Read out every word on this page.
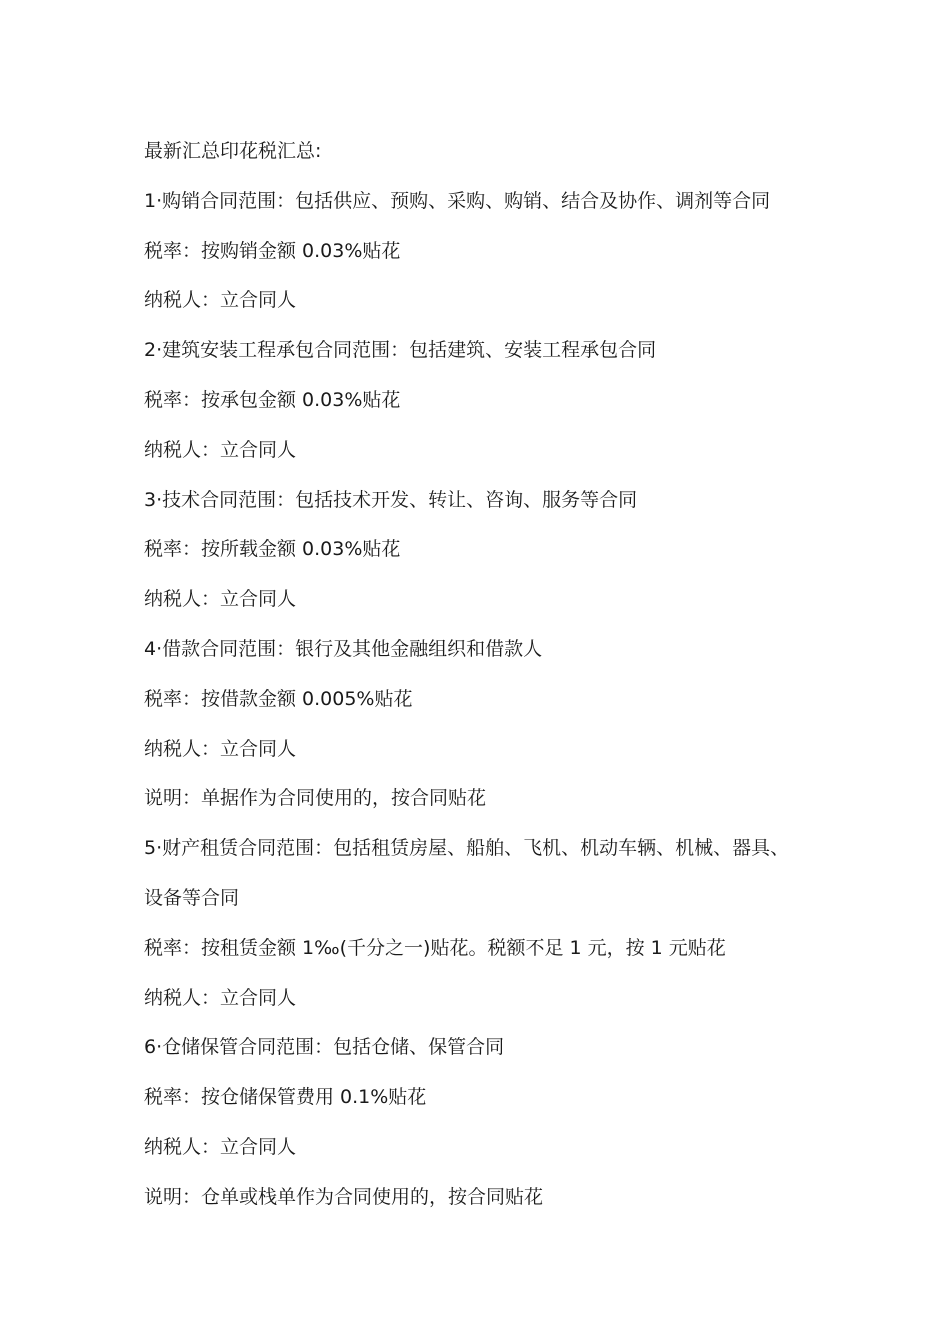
最新汇总印花税汇总:

1·购销合同范围：包括供应、预购、采购、购销、结合及协作、调剂等合同

税率：按购销金额 0.03%贴花

纳税人：立合同人

2·建筑安装工程承包合同范围：包括建筑、安装工程承包合同

税率：按承包金额 0.03%贴花

纳税人：立合同人

3·技术合同范围：包括技术开发、转让、咨询、服务等合同

税率：按所载金额 0.03%贴花

纳税人：立合同人

4·借款合同范围：银行及其他金融组织和借款人

税率：按借款金额 0.005%贴花

纳税人：立合同人

说明：单据作为合同使用的，按合同贴花

5·财产租赁合同范围：包括租赁房屋、船舶、飞机、机动车辆、机械、器具、

设备等合同

税率：按租赁金额 1‰(千分之一)贴花。税额不足 1 元，按 1 元贴花

纳税人：立合同人

6·仓储保管合同范围：包括仓储、保管合同

税率：按仓储保管费用 0.1%贴花

纳税人：立合同人

说明：仓单或栈单作为合同使用的，按合同贴花
